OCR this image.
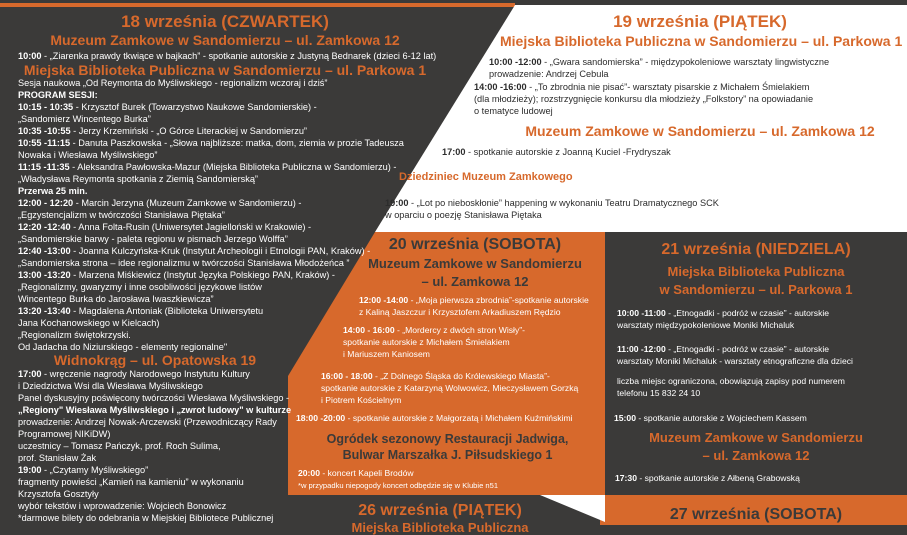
18 września (CZWARTEK)
Muzeum Zamkowe w Sandomierzu – ul. Zamkowa 12
10:00 - „Ziarenka prawdy tkwiące w bajkach” - spotkanie autorskie z Justyną Bednarek (dzieci 6-12 lat)
Miejska Biblioteka Publiczna w Sandomierzu – ul. Parkowa 1
Sesja naukowa „Od Reymonta do Myśliwskiego - regionalizm wczoraj i dziś”
PROGRAM SESJI:
10:15 - 10:35 - Krzysztof Burek (Towarzystwo Naukowe Sandomierskie) -
„Sandomierz Wincentego Burka”
10:35 -10:55 - Jerzy Krzemiński - „O Górce Literackiej w Sandomierzu”
10:55 -11:15 - Danuta Paszkowska - „Słowa najbliższe: matka, dom, ziemia w prozie Tadeusza
Nowaka i Wiesława Myśliwskiego”
11:15 -11:35 - Aleksandra Pawłowska-Mazur (Miejska Biblioteka Publiczna w Sandomierzu) -
„Władysława Reymonta spotkania z Ziemią Sandomierską”
Przerwa 25 min.
12:00 - 12:20 - Marcin Jerzyna (Muzeum Zamkowe w Sandomierzu) -
„Egzystencjalizm w twórczości Stanisława Piętaka”
12:20 -12:40 - Anna Folta-Rusin (Uniwersytet Jagielloński w Krakowie) -
„Sandomierskie barwy - paleta regionu w pismach Jerzego Wolffa”
12:40 -13:00 - Joanna Kulczyńska-Kruk (Instytut Archeologii i Etnologii PAN, Kraków) -
„Sandomierska strona – idee regionalizmu w twórczości Stanisława Młodożeńca ”
13:00 -13:20 - Marzena Miśkiewicz (Instytut Języka Polskiego PAN, Kraków) -
„Regionalizmy, gwaryzmy i inne osobliwości językowe listów
Wincentego Burka do Jarosława Iwaszkiewicza”
13:20 -13:40 - Magdalena Antoniak (Biblioteka Uniwersytetu
Jana Kochanowskiego w Kielcach)
„Regionalizm świętokrzyski.
Od Jadacha do Niziurskiego - elementy regionalne"
Widnokrąg – ul. Opatowska 19
17:00 - wręczenie nagrody Narodowego Instytutu Kultury
i Dziedzictwa Wsi dla Wiesława Myśliwskiego
Panel dyskusyjny poświęcony twórczości Wiesława Myśliwskiego -
„Regiony" Wiesława Myśliwskiego i „zwrot ludowy" w kulturze
prowadzenie: Andrzej Nowak-Arczewski (Przewodniczący Rady
Programowej NIKiDW)
uczestnicy – Tomasz Pańczyk, prof. Roch Sulima,
prof. Stanisław Żak
19:00 - „Czytamy Myśliwskiego”
fragmenty powieści „Kamień na kamieniu” w wykonaniu
Krzysztofa Gosztyły
wybór tekstów i wprowadzenie: Wojciech Bonowicz
*darmowe bilety do odebrania w Miejskiej Bibliotece Publicznej
19 września (PIĄTEK)
Miejska Biblioteka Publiczna w Sandomierzu – ul. Parkowa 1
10:00 -12:00 - „Gwara sandomierska” - międzypokoleniowe warsztaty lingwistyczne
prowadzenie: Andrzej Cebula
14:00 -16:00 - „To zbrodnia nie pisać”- warsztaty pisarskie z Michałem Śmielakiem
(dla młodzieży); rozstrzygnięcie konkursu dla młodzieży „Folkstory” na opowiadanie
o tematyce ludowej
Muzeum Zamkowe w Sandomierzu – ul. Zamkowa 12
17:00 - spotkanie autorskie z Joanną Kuciel -Frydryszak
Dziedziniec Muzeum Zamkowego
19:00 - „Lot po nieboskłonie” happening w wykonaniu Teatru Dramatycznego SCK
w oparciu o poezję Stanisława Piętaka
20 września (SOBOTA)
Muzeum Zamkowe w Sandomierzu
– ul. Zamkowa 12
12:00 -14:00 - „Moja pierwsza zbrodnia”-spotkanie autorskie
z Kaliną Jaszczur i Krzysztofem Arkadiuszem Rędzio
14:00 - 16:00 - „Mordercy z dwóch stron Wisły”-
spotkanie autorskie z Michałem Śmielakiem
i Mariuszem Kaniosem
16:00 - 18:00 - „Z Dolnego Śląska do Królewskiego Miasta”-
spotkanie autorskie z Katarzyną Wolwowicz, Mieczysławem Gorzką
i Piotrem Kościelnym
18:00 -20:00 - spotkanie autorskie z Małgorzatą i Michałem Kuźmińskimi
Ogródek sezonowy Restauracji Jadwiga,
Bulwar Marszałka J. Piłsudskiego 1
20:00 - koncert Kapeli Brodów
*w przypadku niepogody koncert odbędzie się w Klubie n51
21 września (NIEDZIELA)
Miejska Biblioteka Publiczna
w Sandomierzu – ul. Parkowa 1
10:00 -11:00 - „Etnogadki - podróż w czasie” - autorskie
warsztaty międzypokoleniowe Moniki Michaluk
11:00 -12:00 - „Etnogadki - podróż w czasie” - autorskie
warsztaty Moniki Michaluk - warsztaty etnograficzne dla dzieci
liczba miejsc ograniczona, obowiązują zapisy pod numerem
telefonu 15 832 24 10
15:00 - spotkanie autorskie z Wojciechem Kassem
Muzeum Zamkowe w Sandomierzu
– ul. Zamkowa 12
17:30 - spotkanie autorskie z Ałbeną Grabowską
26 września (PIĄTEK)
Miejska Biblioteka Publiczna
27 września (SOBOTA)
